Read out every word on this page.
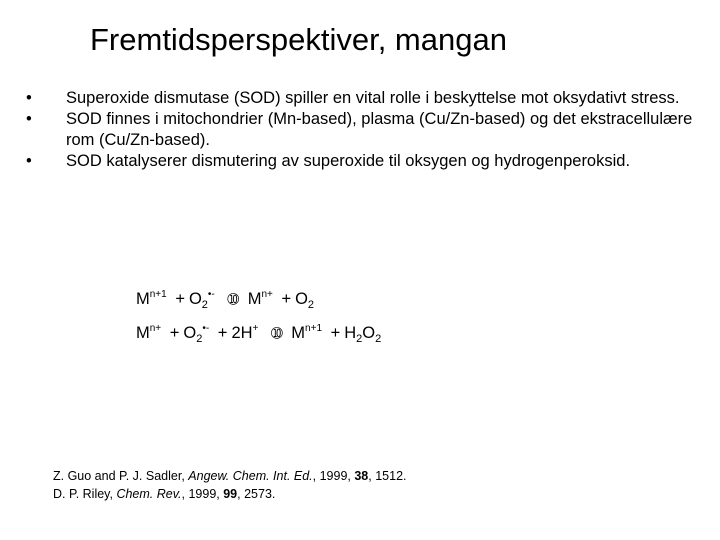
Fremtidsperspektiver, mangan
•	Superoxide dismutase (SOD) spiller en vital rolle i beskyttelse mot oksydativt stress.
•	SOD finnes i mitochondrier (Mn-based), plasma (Cu/Zn-based) og det ekstracellulære rom (Cu/Zn-based).
•	SOD katalyserer dismutering av superoxide til oksygen og hydrogenperoksid.
$M^{n+1} + O_2^{•-}$ ➉ $M^{n+} + O_2$
$M^{n+} + O_2^{•-} + 2H^+$ ➉ $M^{n+1} + H_2O_2$
Z. Guo and P. J. Sadler, Angew. Chem. Int. Ed., 1999, 38, 1512.
D. P. Riley, Chem. Rev., 1999, 99, 2573.
